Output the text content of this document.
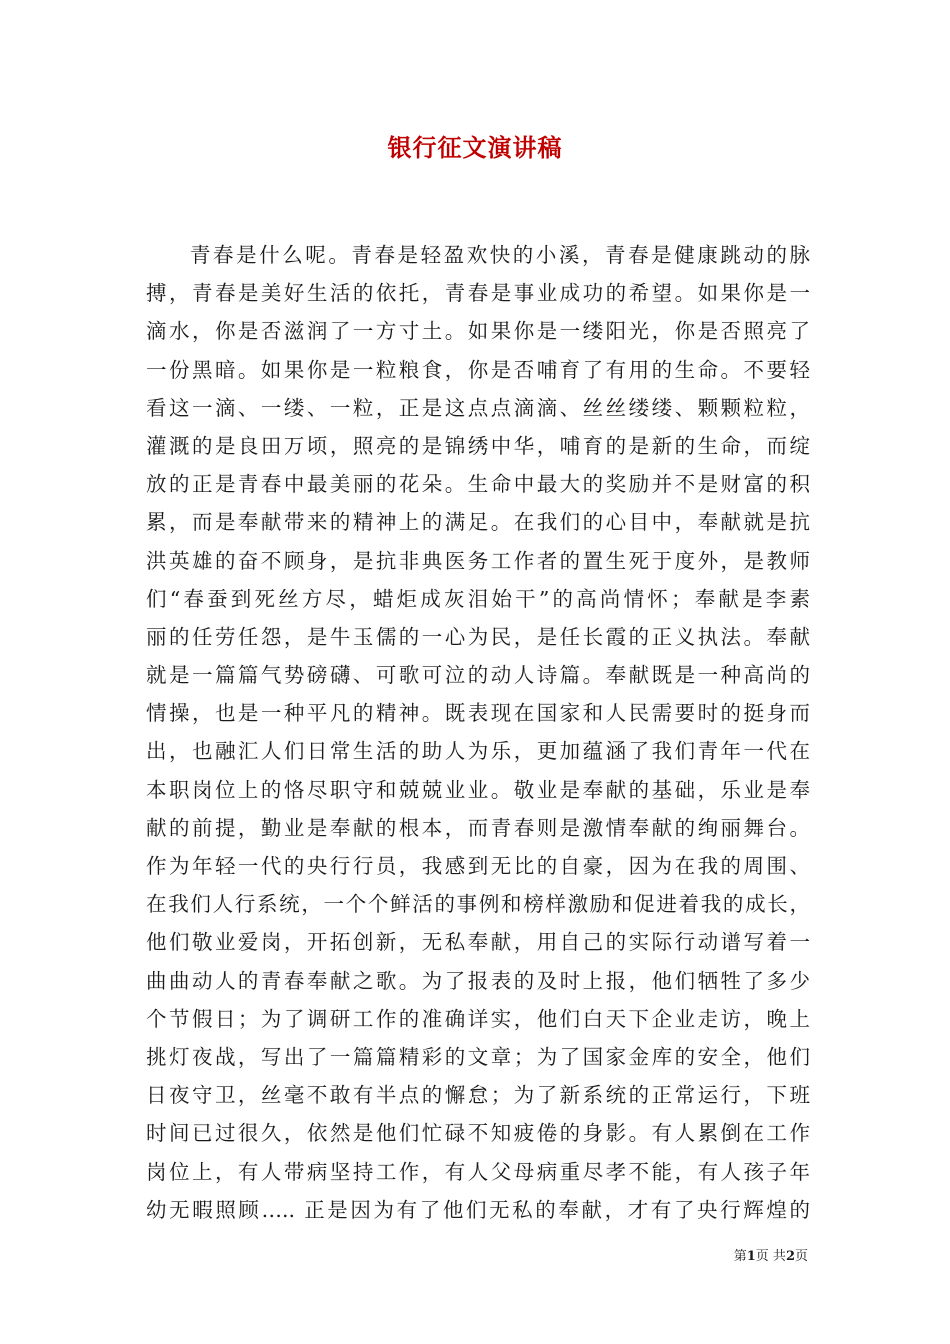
银行征文演讲稿
青春是什么呢。青春是轻盈欢快的小溪，青春是健康跳动的脉
搏，青春是美好生活的依托，青春是事业成功的希望。如果你是一
滴水，你是否滋润了一方寸土。如果你是一缕阳光，你是否照亮了
一份黑暗。如果你是一粒粮食，你是否哺育了有用的生命。不要轻
看这一滴、一缕、一粒，正是这点点滴滴、丝丝缕缕、颗颗粒粒，
灌溉的是良田万顷，照亮的是锦绣中华，哺育的是新的生命，而绽
放的正是青春中最美丽的花朵。生命中最大的奖励并不是财富的积
累，而是奉献带来的精神上的满足。在我们的心目中，奉献就是抗
洪英雄的奋不顾身，是抗非典医务工作者的置生死于度外，是教师
们“春蚕到死丝方尽，蜡炬成灰泪始干”的高尚情怀；奉献是李素
丽的任劳任怨，是牛玉儒的一心为民，是任长霞的正义执法。奉献
就是一篇篇气势磅礴、可歌可泣的动人诗篇。奉献既是一种高尚的
情操，也是一种平凡的精神。既表现在国家和人民需要时的挺身而
出，也融汇人们日常生活的助人为乐，更加蕴涵了我们青年一代在
本职岗位上的恪尽职守和兢兢业业。敬业是奉献的基础，乐业是奉
献的前提，勤业是奉献的根本，而青春则是激情奉献的绚丽舞台。
作为年轻一代的央行行员，我感到无比的自豪，因为在我的周围、
在我们人行系统，一个个鲜活的事例和榜样激励和促进着我的成长，
他们敬业爱岗，开拓创新，无私奉献，用自己的实际行动谱写着一
曲曲动人的青春奉献之歌。为了报表的及时上报，他们牺牲了多少
个节假日；为了调研工作的准确详实，他们白天下企业走访，晚上
挑灯夜战，写出了一篇篇精彩的文章；为了国家金库的安全，他们
日夜守卫，丝毫不敢有半点的懈怠；为了新系统的正常运行，下班
时间已过很久，依然是他们忙碌不知疲倦的身影。有人累倒在工作
岗位上，有人带病坚持工作，有人父母病重尽孝不能，有人孩子年
幼无暇照顾….. 正是因为有了他们无私的奉献，才有了央行辉煌的
第1页 共2页
